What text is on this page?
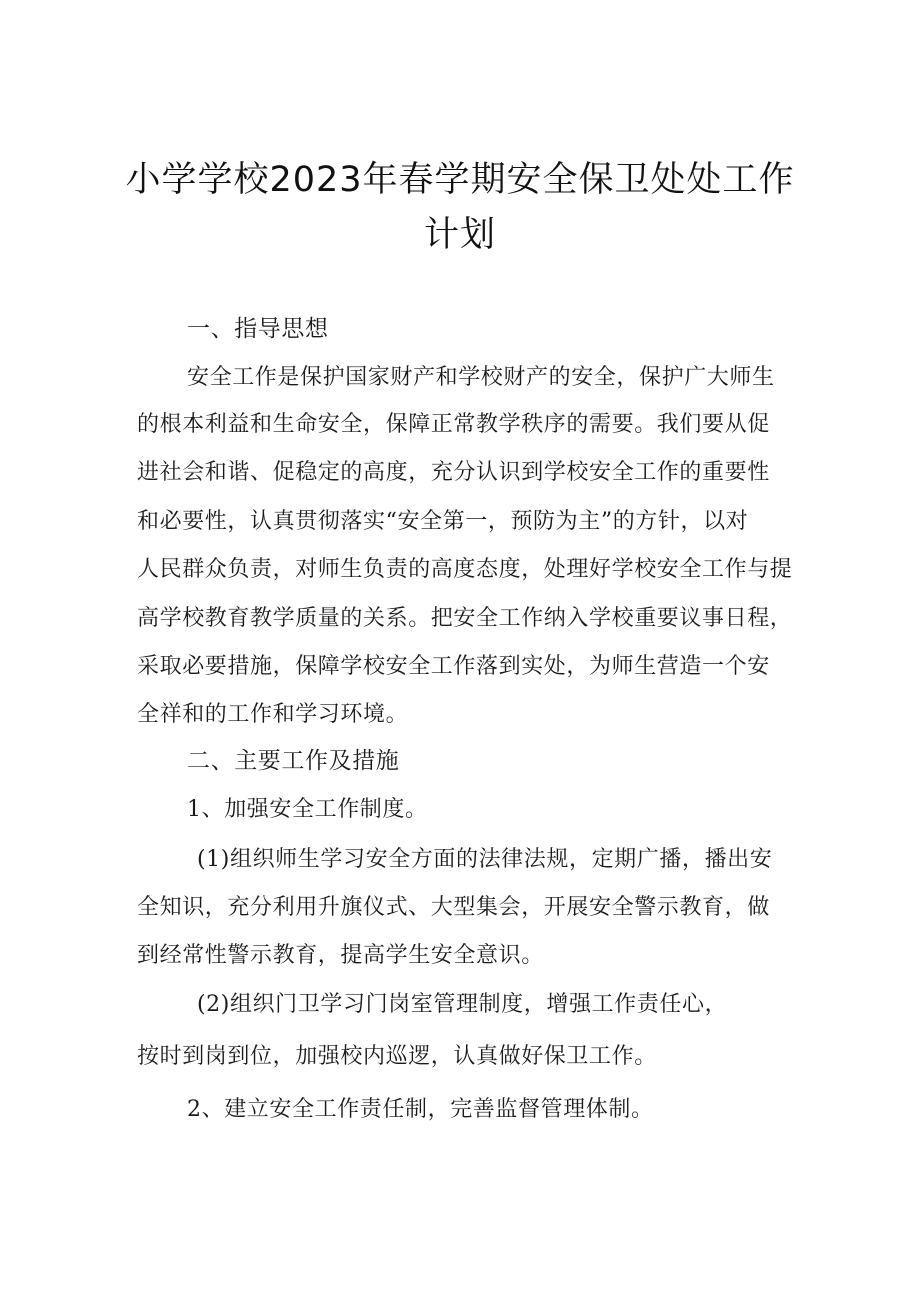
小学学校2023年春学期安全保卫处处工作
计划

一、指导思想

安全工作是保护国家财产和学校财产的安全，保护广大师生

的根本利益和生命安全，保障正常教学秩序的需要。我们要从促

进社会和谐、促稳定的高度，充分认识到学校安全工作的重要性

和必要性，认真贯彻落实“安全第一，预防为主”的方针，以对

人民群众负责，对师生负责的高度态度，处理好学校安全工作与提

高学校教育教学质量的关系。把安全工作纳入学校重要议事日程，

采取必要措施，保障学校安全工作落到实处，为师生营造一个安

全祥和的工作和学习环境。

二、主要工作及措施

1、加强安全工作制度。

(1)组织师生学习安全方面的法律法规，定期广播，播出安

全知识，充分利用升旗仪式、大型集会，开展安全警示教育，做

到经常性警示教育，提高学生安全意识。

(2)组织门卫学习门岗室管理制度，增强工作责任心，

按时到岗到位，加强校内巡逻，认真做好保卫工作。

2、建立安全工作责任制，完善监督管理体制。
